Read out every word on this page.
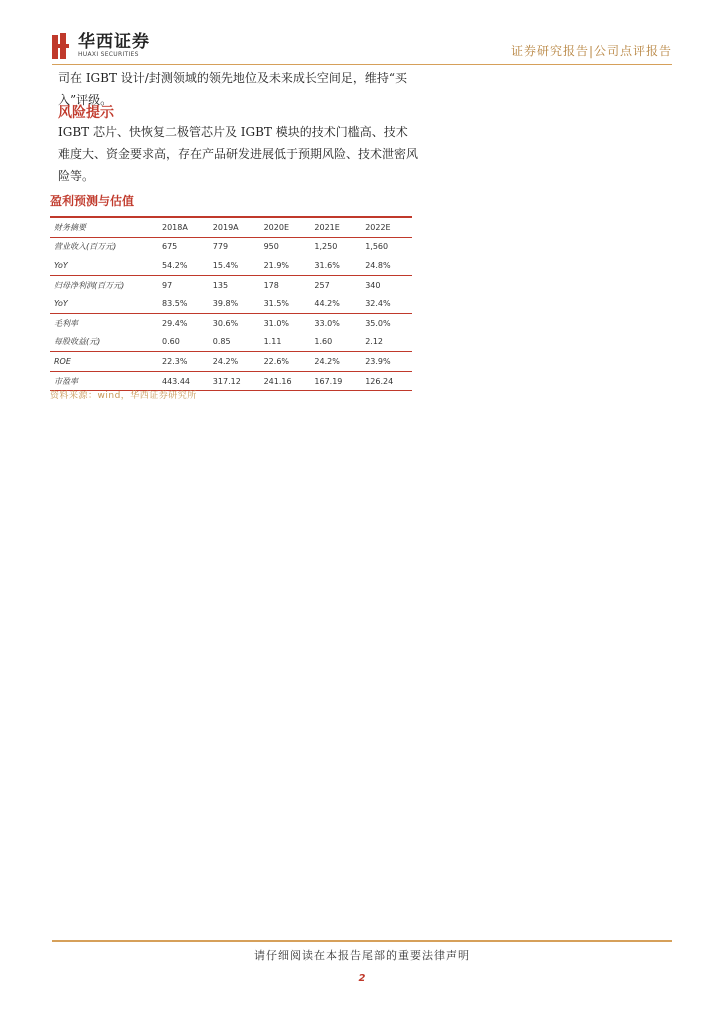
华西证券
HUAXI SECURITIES	证券研究报告|公司点评报告
司在 IGBT 设计/封测领域的领先地位及未来成长空间足，维持“买入”评级。
风险提示
IGBT 芯片、快恢复二极管芯片及 IGBT 模块的技术门槛高、技术难度大、资金要求高，存在产品研发进展低于预期风险、技术泄密风险等。
盈利预测与估值
财务摘要	2018A	2019A	2020E	2021E	2022E
营业收入(百万元)	675	779	950	1,250	1,560
YoY	54.2%	15.4%	21.9%	31.6%	24.8%
归母净利润(百万元)	97	135	178	257	340
YoY	83.5%	39.8%	31.5%	44.2%	32.4%
毛利率	29.4%	30.6%	31.0%	33.0%	35.0%
每股收益(元)	0.60	0.85	1.11	1.60	2.12
ROE	22.3%	24.2%	22.6%	24.2%	23.9%
市盈率	443.44	317.12	241.16	167.19	126.24
资料来源：wind，华西证券研究所
请仔细阅读在本报告尾部的重要法律声明
2
